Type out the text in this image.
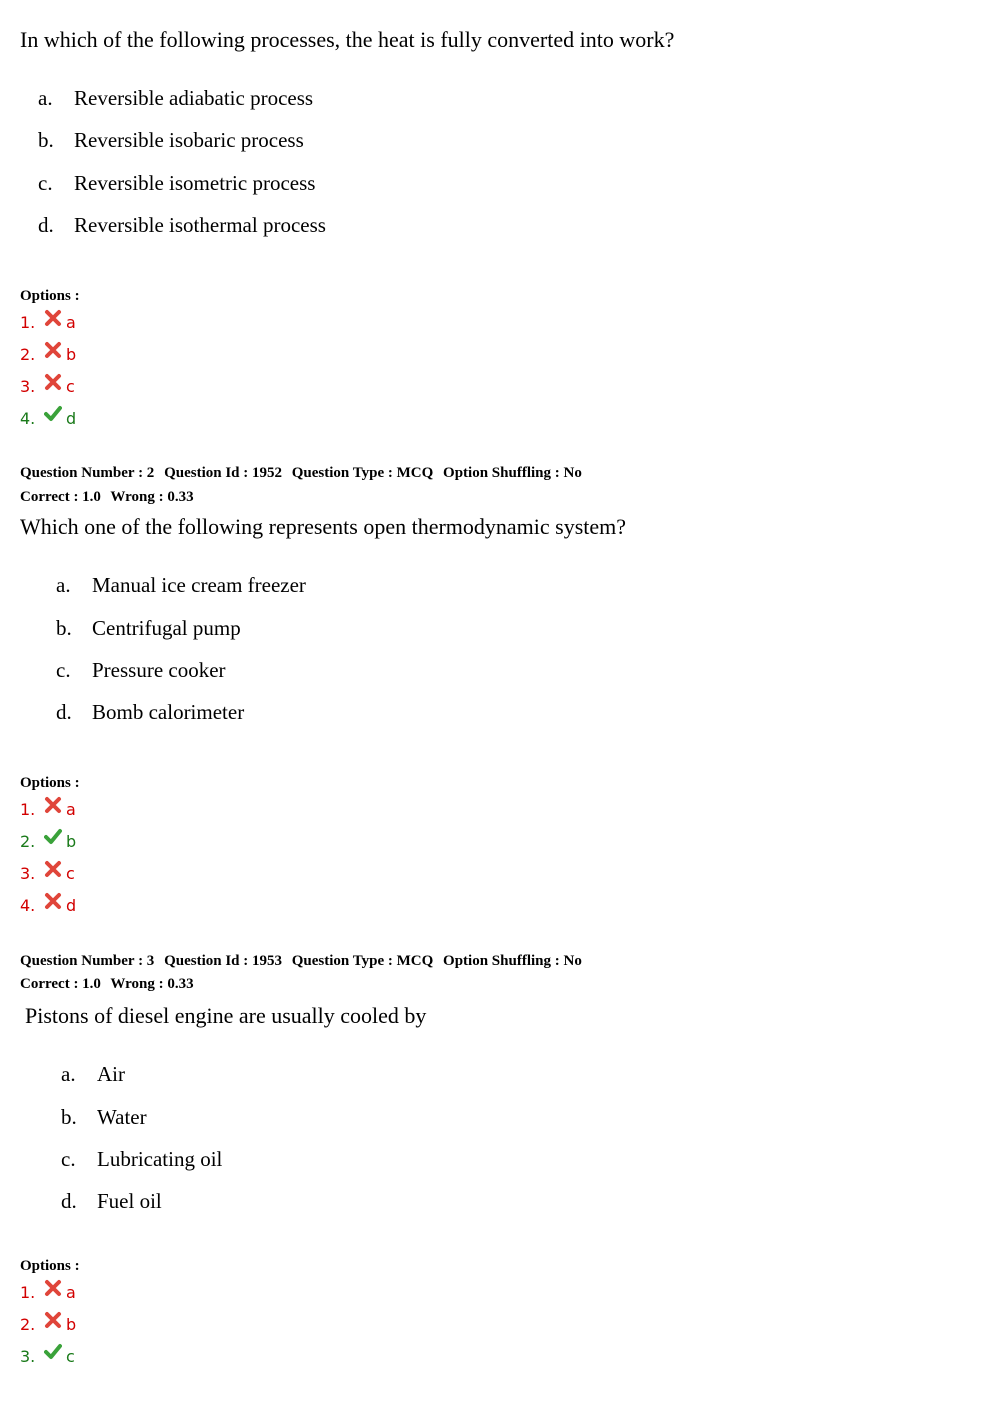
In which of the following processes, the heat is fully converted into work?
a.	Reversible adiabatic process
b. Reversible isobaric process
c.	Reversible isometric process
d. Reversible isothermal process
Options :
1. a
2. b
3. c
4. d
Question Number : 2 Question Id : 1952 Question Type : MCQ Option Shuffling : No
Correct : 1.0 Wrong : 0.33
Which one of the following represents open thermodynamic system?
a.	Manual ice cream freezer
b. Centrifugal pump
c.	Pressure cooker
d. Bomb calorimeter
Options :
1. a
2. b
3. c
4. d
Question Number : 3 Question Id : 1953 Question Type : MCQ Option Shuffling : No
Correct : 1.0 Wrong : 0.33
Pistons of diesel engine are usually cooled by
a.	Air
b. Water
c.	Lubricating oil
d. Fuel oil
Options :
1. a
2. b
3. c
